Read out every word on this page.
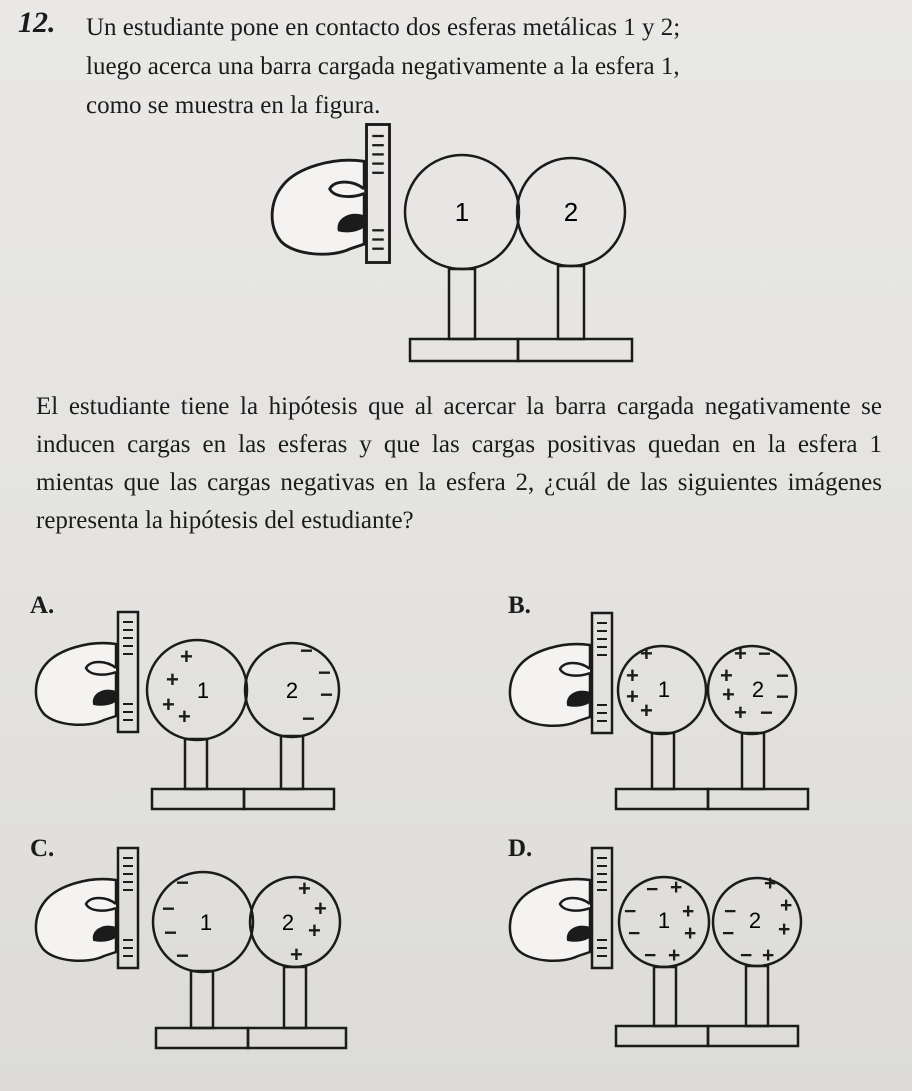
12. Un estudiante pone en contacto dos esferas metálicas 1 y 2;
luego acerca una barra cargada negativamente a la esfera 1,
como se muestra en la figura.
El estudiante tiene la hipótesis que al acercar la barra cargada negativamente se inducen cargas en las esferas y que las cargas positivas quedan en la esfera 1 mientas que las cargas negativas en la esfera 2, ¿cuál de las siguientes imágenes representa la hipótesis del estudiante?
A.	B.
C.	D.
1	2
1	2
+
+
+ +
−
−
−
−
1	2
+
+
+
+
+ −
+ −
+ −
+ −
1	2
−
−
−
−
+
+
+
+
1	2
− +
− +
− +
− +
+
− +
− +
− +
